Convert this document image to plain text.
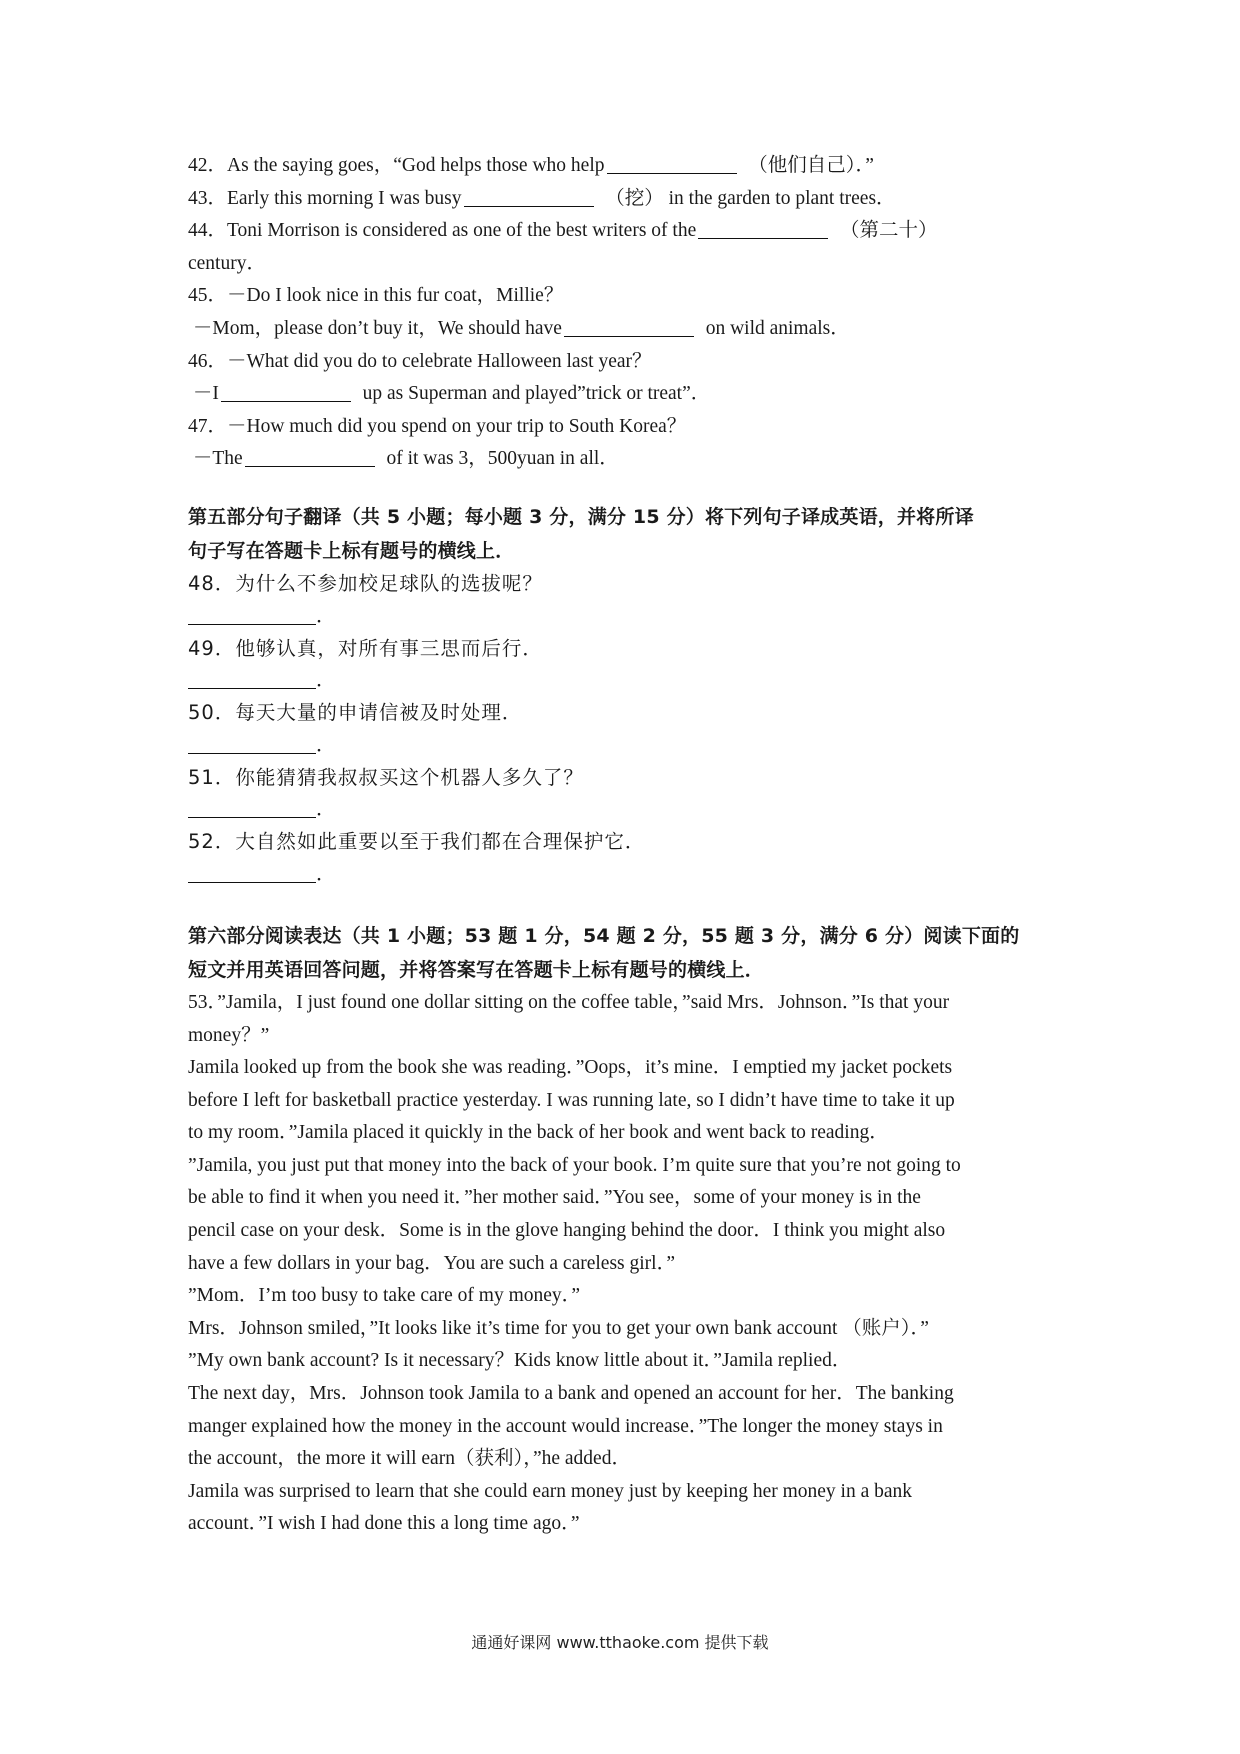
42．As the saying goes，“God helps those who help	（他们自己）．”
43．Early this morning I was busy	（挖） in the garden to plant trees．
44．Toni Morrison is considered as one of the best writers of the	（第二十）
century．
45．－Do I look nice in this fur coat，Millie？
－Mom，please don’t buy it，We should have	on wild animals．
46．－What did you do to celebrate Halloween last year？
－I	up as Superman and played”trick or treat”．
47．－How much did you spend on your trip to South Korea？
－The	of it was 3，500yuan in all．
第五部分句子翻译（共 5 小题；每小题 3 分，满分 15 分）将下列句子译成英语，并将所译
句子写在答题卡上标有题号的横线上．
48．为什么不参加校足球队的选拔呢？
．
49．他够认真，对所有事三思而后行．
．
50．每天大量的申请信被及时处理．
．
51．你能猜猜我叔叔买这个机器人多久了？
．
52．大自然如此重要以至于我们都在合理保护它．
．
第六部分阅读表达（共 1 小题；53 题 1 分，54 题 2 分，55 题 3 分，满分 6 分）阅读下面的
短文并用英语回答问题，并将答案写在答题卡上标有题号的横线上．
53．”Jamila，I just found one dollar sitting on the coffee table，”said Mrs．Johnson．”Is that your
money？”
Jamila looked up from the book she was reading．”Oops，it’s mine．I emptied my jacket pockets
before I left for basketball practice yesterday. I was running late, so I didn’t have time to take it up
to my room．”Jamila placed it quickly in the back of her book and went back to reading．
”Jamila, you just put that money into the back of your book. I’m quite sure that you’re not going to
be able to find it when you need it．”her mother said．”You see，some of your money is in the
pencil case on your desk．Some is in the glove hanging behind the door．I think you might also
have a few dollars in your bag．You are such a careless girl．”
”Mom．I’m too busy to take care of my money．”
Mrs．Johnson smiled，”It looks like it’s time for you to get your own bank account （账户）．”
”My own bank account? Is it necessary？Kids know little about it．”Jamila replied．
The next day，Mrs．Johnson took Jamila to a bank and opened an account for her．The banking
manger explained how the money in the account would increase．”The longer the money stays in
the account，the more it will earn（获利），”he added．
Jamila was surprised to learn that she could earn money just by keeping her money in a bank
account．”I wish I had done this a long time ago．”
通通好课网 www.tthaoke.com 提供下载
